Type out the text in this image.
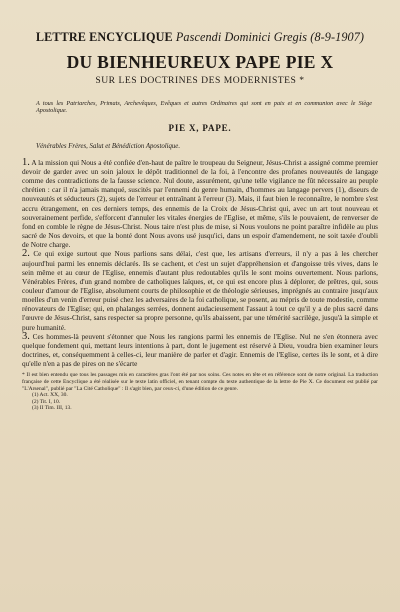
LETTRE ENCYCLIQUE Pascendi Dominici Gregis (8-9-1907)
DU BIENHEUREUX PAPE PIE X
SUR LES DOCTRINES DES MODERNISTES *
A tous les Patriarches, Primats, Archevêques, Evêques et autres Ordinaires qui sont en paix et en communion avec le Siège Apostolique.
PIE X, PAPE.
Vénérables Frères, Salut et Bénédiction Apostolique.

1. A la mission qui Nous a été confiée d'en-haut de paître le troupeau du Seigneur, Jésus-Christ a assigné comme premier devoir de garder avec un soin jaloux le dépôt traditionnel de la foi, à l'encontre des profanes nouveautés de langage comme des contradictions de la fausse science. Nul doute, assurément, qu'une telle vigilance ne fût nécessaire au peuple chrétien : car il n'a jamais manqué, suscités par l'ennemi du genre humain, d'hommes au langage pervers (1), diseurs de nouveautés et séducteurs (2), sujets de l'erreur et entraînant à l'erreur (3). Mais, il faut bien le reconnaître, le nombre s'est accru étrangement, en ces derniers temps, des ennemis de la Croix de Jésus-Christ qui, avec un art tout nouveau et souverainement perfide, s'efforcent d'annuler les vitales énergies de l'Eglise, et même, s'ils le pouvaient, de renverser de fond en comble le règne de Jésus-Christ. Nous taire n'est plus de mise, si Nous voulons ne point paraître infidèle au plus sacré de Nos devoirs, et que la bonté dont Nous avons usé jusqu'ici, dans un espoir d'amendement, ne soit taxée d'oubli de Notre charge.

2. Ce qui exige surtout que Nous parlions sans délai, c'est que, les artisans d'erreurs, il n'y a pas à les chercher aujourd'hui parmi les ennemis déclarés. Ils se cachent, et c'est un sujet d'appréhension et d'angoisse très vives, dans le sein même et au cœur de l'Eglise, ennemis d'autant plus redoutables qu'ils le sont moins ouvertement. Nous parlons, Vénérables Frères, d'un grand nombre de catholiques laïques, et, ce qui est encore plus à déplorer, de prêtres, qui, sous couleur d'amour de l'Eglise, absolument courts de philosophie et de théologie sérieuses, imprégnés au contraire jusqu'aux moelles d'un venin d'erreur puisé chez les adversaires de la foi catholique, se posent, au mépris de toute modestie, comme rénovateurs de l'Eglise; qui, en phalanges serrées, donnent audacieusement l'assaut à tout ce qu'il y a de plus sacré dans l'œuvre de Jésus-Christ, sans respecter sa propre personne, qu'ils abaissent, par une témérité sacrilège, jusqu'à la simple et pure humanité.

3. Ces hommes-là peuvent s'étonner que Nous les rangions parmi les ennemis de l'Eglise. Nul ne s'en étonnera avec quelque fondement qui, mettant leurs intentions à part, dont le jugement est réservé à Dieu, voudra bien examiner leurs doctrines, et, conséquemment à celles-ci, leur manière de parler et d'agir. Ennemis de l'Eglise, certes ils le sont, et à dire qu'elle n'en a pas de pires on ne s'écarte

* Il est bien entendu que tous les passages mis en caractères gras l'ont été par nos soins. Ces notes en tête et en référence sont de notre original. La traduction française de cette Encyclique a été réalisée sur le texte latin officiel, en tenant compte du texte authentique de la lettre de Pie X. Ce document est publié par "L'Arsenal", publié par "La Cité Catholique" : Il s'agit bien, par ceux-ci, d'une édition de ce genre.

(1) Act. XX, 30.

(2) Tit. I, 10.

(3) II Tim. III, 13.
